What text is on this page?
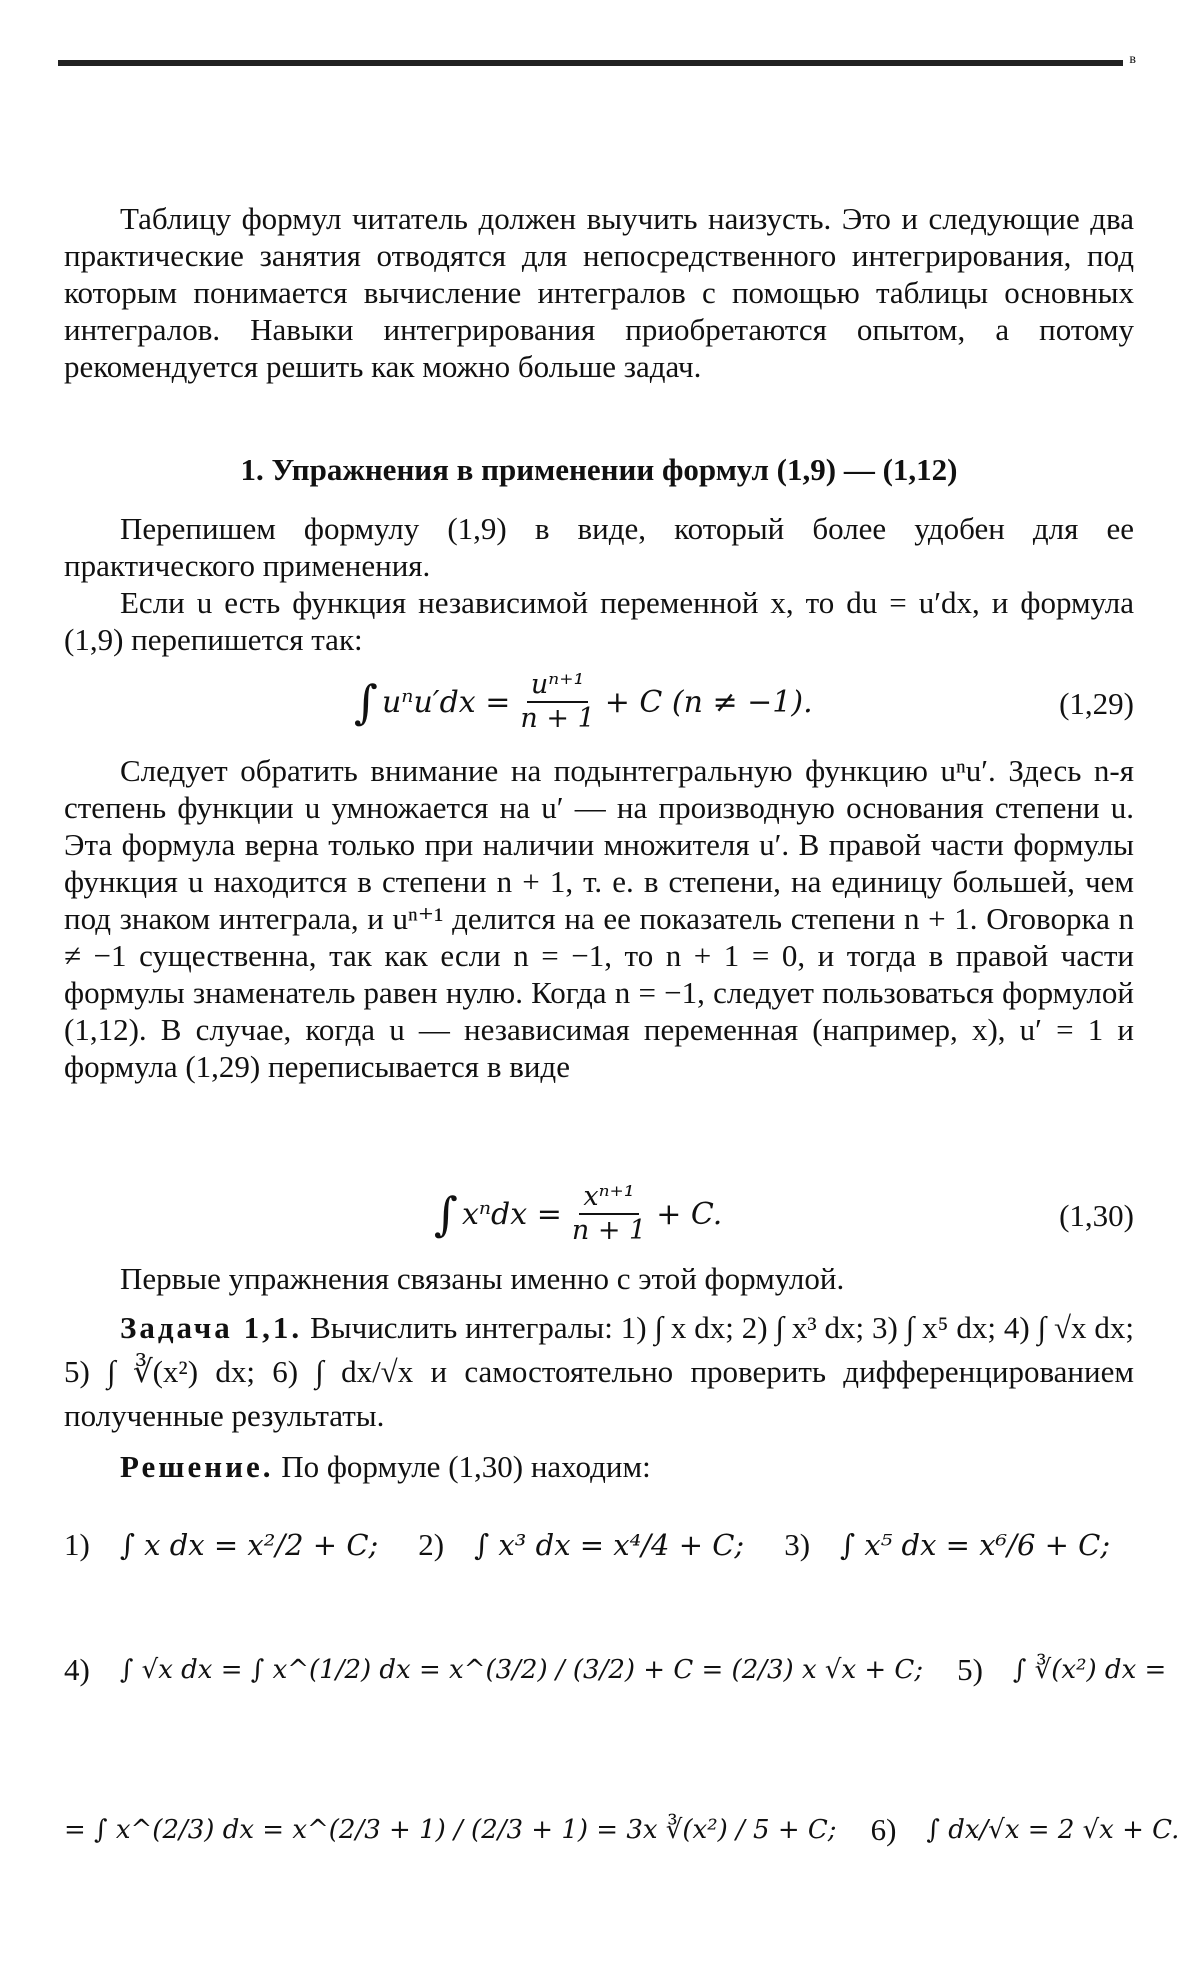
в

Таблицу формул читатель должен выучить наизусть. Это и следующие два практические занятия отводятся для непосредственного интегрирования, под которым понимается вычисление интегралов с помощью таблицы основных интегралов. Навыки интегрирования приобретаются опытом, а потому рекомендуется решить как можно больше задач.

1. Упражнения в применении формул (1,9) — (1,12)

Перепишем формулу (1,9) в виде, который более удобен для ее практического применения.

Если u есть функция независимой переменной x, то du = u′dx, и формула (1,9) перепишется так:

∫ $u^nu'dx = \frac{\text{uⁿ⁺¹}}{n + 1} + C$ (n ≠ −1).	(1,29)

Следует обратить внимание на подынтегральную функцию uⁿu′. Здесь n-я степень функции u умножается на u′ — на производную основания степени u. Эта формула верна только при наличии множителя u′. В правой части формулы функция u находится в степени n + 1, т. е. в степени, на единицу большей, чем под знаком интеграла, и uⁿ⁺¹ делится на ее показатель степени n + 1. Оговорка n ≠ −1 существенна, так как если n = −1, то n + 1 = 0, и тогда в правой части формулы знаменатель равен нулю. Когда n = −1, следует пользоваться формулой (1,12). В случае, когда u — независимая переменная (например, x), u′ = 1 и формула (1,29) переписывается в виде

∫ $x^ndx = \frac{\text{xⁿ⁺¹}}{n + 1} + C$.	(1,30)

Первые упражнения связаны именно с этой формулой.

Задача 1,1. Вычислить интегралы: 1) ∫ x dx; 2) ∫ x³ dx; 3) ∫ x⁵ dx; 4) ∫ √x dx; 5) ∫ ∛(x²) dx; 6) ∫ dx/√x и самостоятельно проверить дифференцированием полученные результаты.

Решение. По формуле (1,30) находим:

1) ∫ x dx = x²/2 + C; 2) ∫ x³ dx = x⁴/4 + C; 3) ∫ x⁵ dx = x⁶/6 + C;
4) ∫ √x dx = ∫ x^(1/2) dx = x^(3/2) / (3/2) + C = (2/3) x √x + C; 5) ∫ ∛(x²) dx =
= ∫ x^(2/3) dx = x^(2/3 + 1) / (2/3 + 1) = 3x ∛(x²) / 5 + C; 6) ∫ dx/√x = 2 √x + C.
